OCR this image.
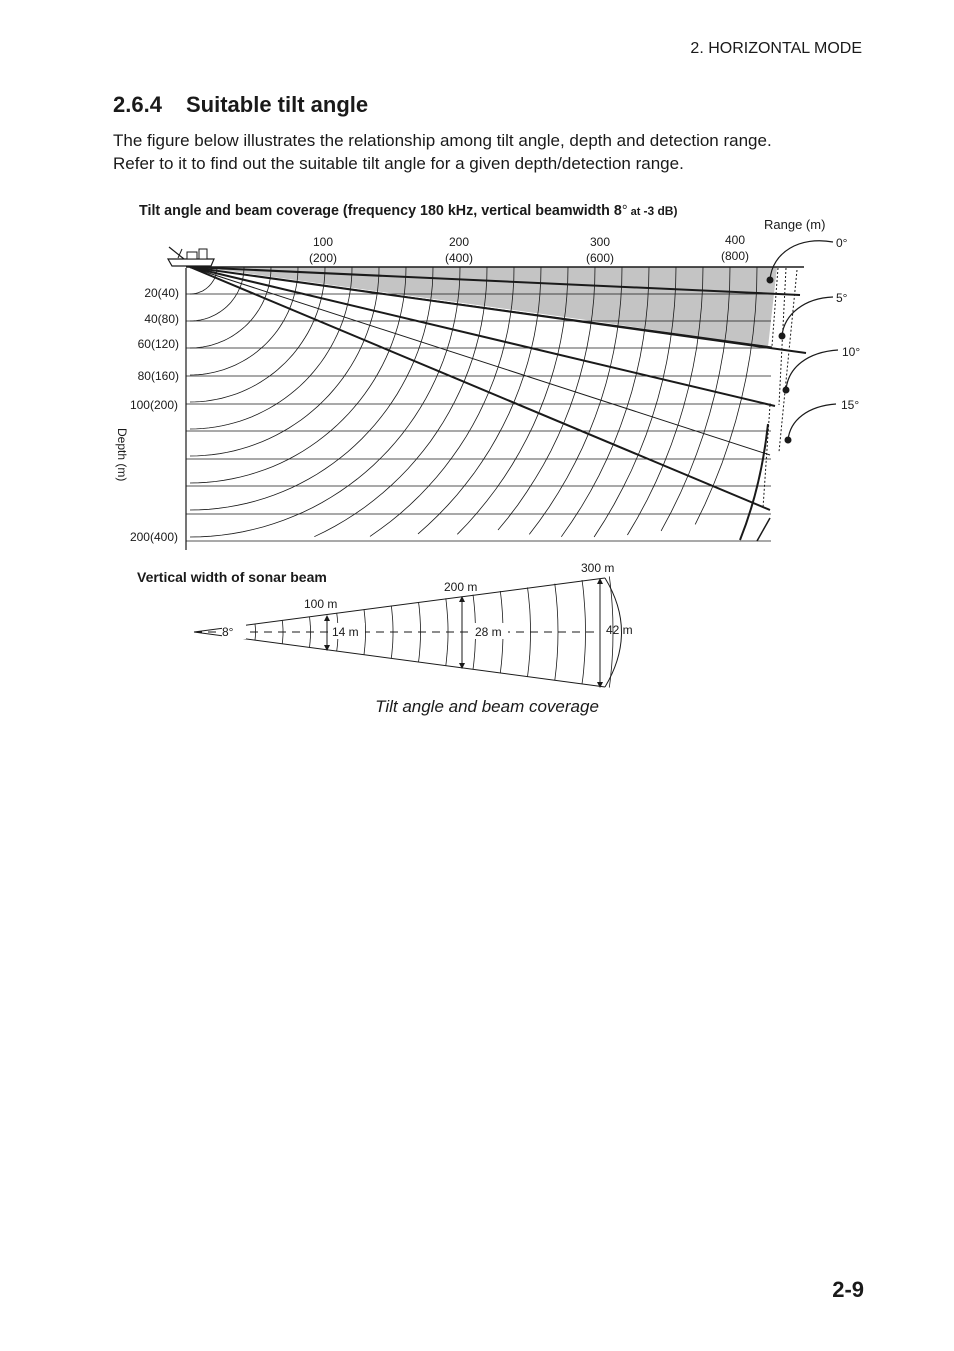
2. HORIZONTAL MODE
2.6.4 Suitable tilt angle

The figure below illustrates the relationship among tilt angle, depth and detection range.
Refer to it to find out the suitable tilt angle for a given depth/detection range.

Tilt angle and beam coverage (frequency 180 kHz, vertical beamwidth 8° at -3 dB)
Range (m)
100
(200)
200
(400)
300
(600)
400
(800)
0°
5°
10°
15°
20(40)
40(80)
60(120)
80(160)
100(200)
200(400)
Depth (m)
Vertical width of sonar beam
8°	14 m	28 m	42 m
100 m
200 m
300 m
Tilt angle and beam coverage
2-9
